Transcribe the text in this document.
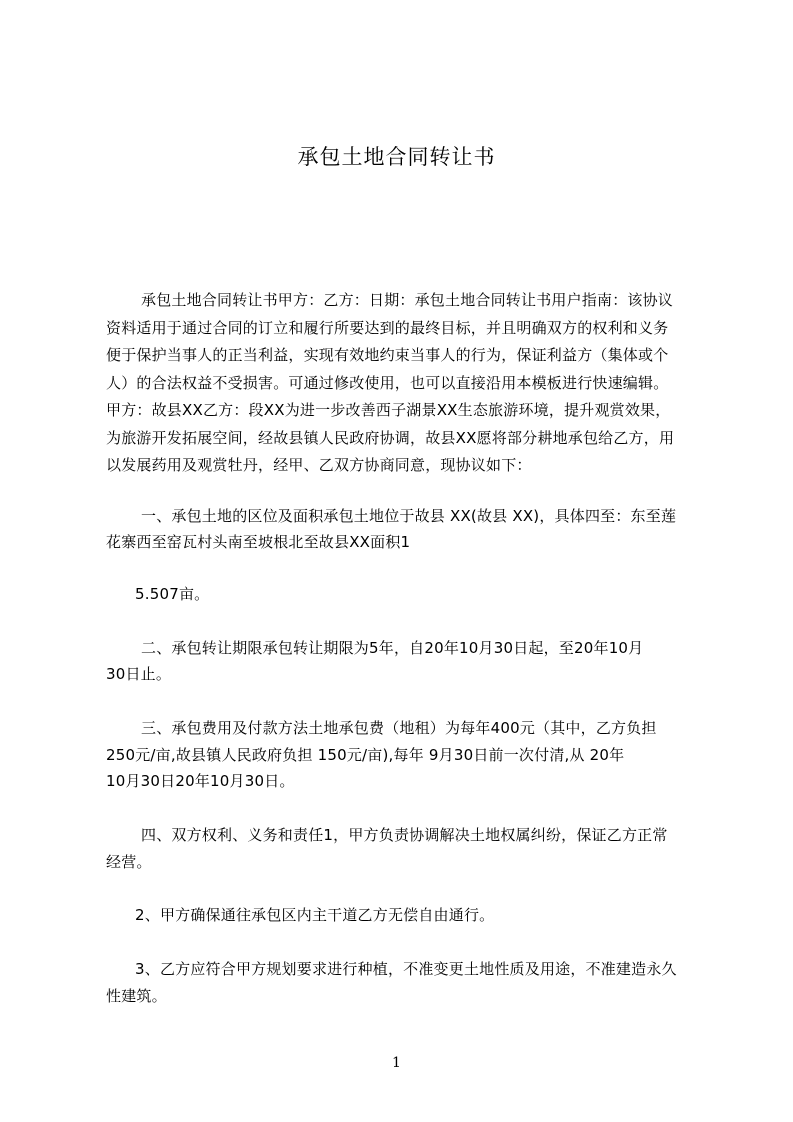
承包土地合同转让书
承包土地合同转让书甲方：乙方：日期：承包土地合同转让书用户指南：该协议
资料适用于通过合同的订立和履行所要达到的最终目标，并且明确双方的权利和义务
便于保护当事人的正当利益，实现有效地约束当事人的行为，保证利益方（集体或个
人）的合法权益不受损害。可通过修改使用，也可以直接沿用本模板进行快速编辑。
甲方：故县XX乙方：段XX为进一步改善西子湖景XX生态旅游环境，提升观赏效果，
为旅游开发拓展空间，经故县镇人民政府协调，故县XX愿将部分耕地承包给乙方，用
以发展药用及观赏牡丹，经甲、乙双方协商同意，现协议如下：
一、承包土地的区位及面积承包土地位于故县 XX(故县 XX)，具体四至：东至莲
花寨西至窑瓦村头南至坡根北至故县XX面积1
5.507亩。
二、承包转让期限承包转让期限为5年，自20年10月30日起，至20年10月
30日止。
三、承包费用及付款方法土地承包费（地租）为每年400元（其中，乙方负担
250元/亩,故县镇人民政府负担 150元/亩),每年 9月30日前一次付清,从 20年
10月30日20年10月30日。
四、双方权利、义务和责任1，甲方负责协调解决土地权属纠纷，保证乙方正常
经营。
2、甲方确保通往承包区内主干道乙方无偿自由通行。
3、乙方应符合甲方规划要求进行种植，不准变更土地性质及用途，不准建造永久
性建筑。
1
